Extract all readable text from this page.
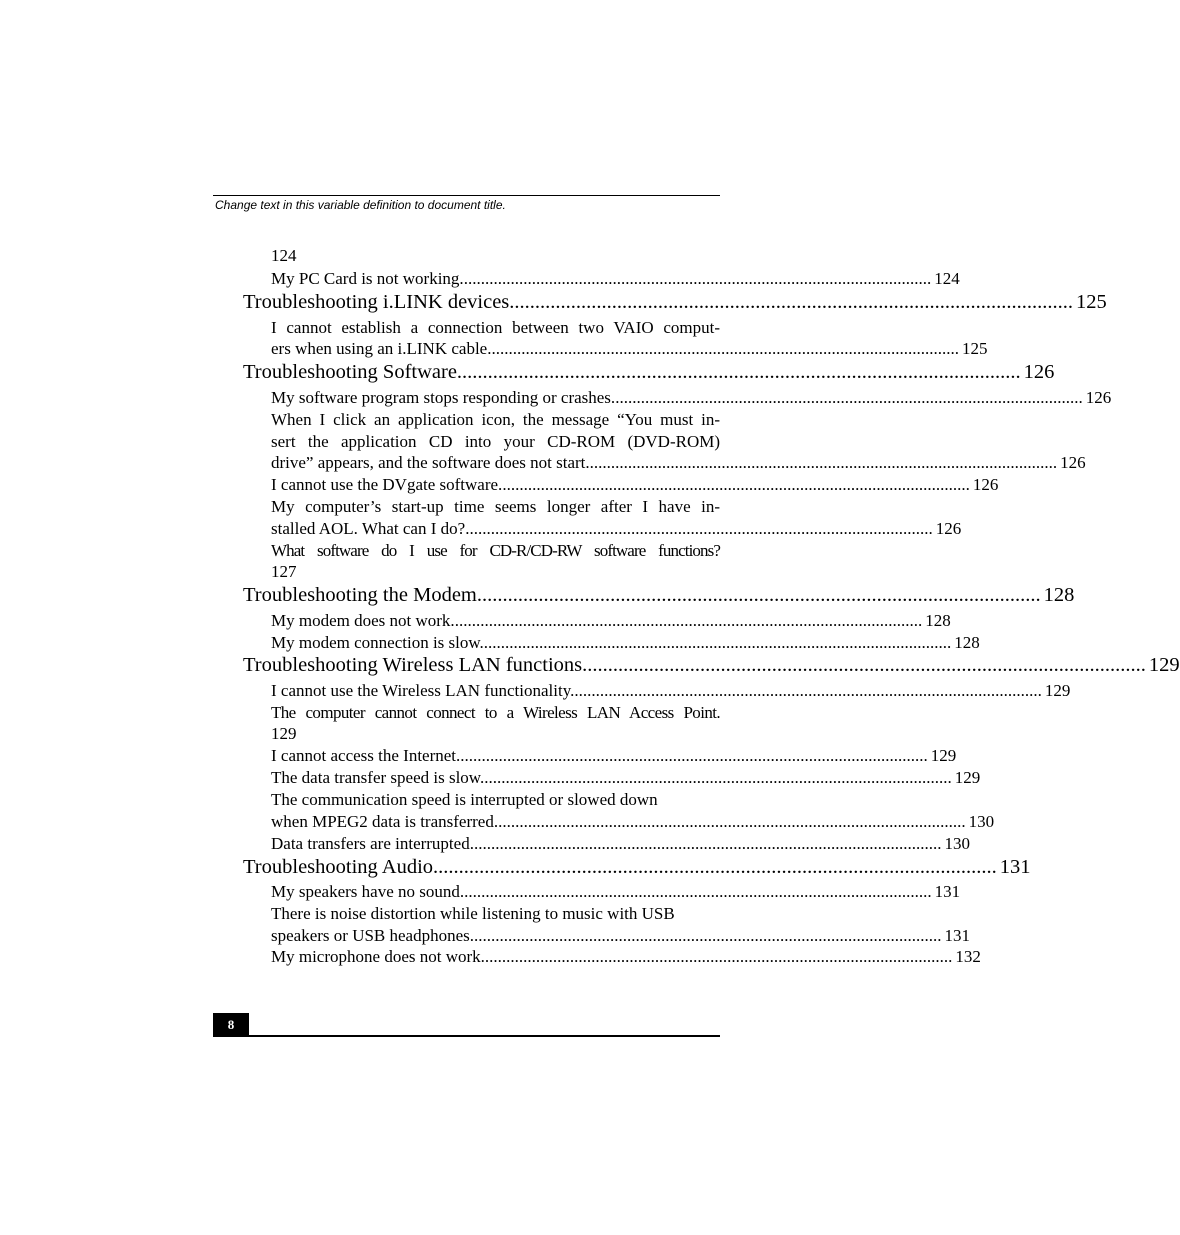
Change text in this variable definition to document title.
124
My PC Card is not working. .............................................................................................................. 124
Troubleshooting i.LINK devices .............................................................................................................. 125
I cannot establish a connection between two VAIO comput-
ers when using an i.LINK cable. .............................................................................................................. 125
Troubleshooting Software .............................................................................................................. 126
My software program stops responding or crashes. .............................................................................................................. 126
When I click an application icon, the message “You must in-
sert the application CD into your CD-ROM (DVD-ROM)
drive” appears, and the software does not start. .............................................................................................................. 126
I cannot use the DVgate software. .............................................................................................................. 126
My computer’s start-up time seems longer after I have in-
stalled AOL. What can I do? .............................................................................................................. 126
What software do I use for CD-R/CD-RW software functions?
127
Troubleshooting the Modem .............................................................................................................. 128
My modem does not work. .............................................................................................................. 128
My modem connection is slow. .............................................................................................................. 128
Troubleshooting Wireless LAN functions .............................................................................................................. 129
I cannot use the Wireless LAN functionality. .............................................................................................................. 129
The computer cannot connect to a Wireless LAN Access Point.
129
I cannot access the Internet. .............................................................................................................. 129
The data transfer speed is slow. .............................................................................................................. 129
The communication speed is interrupted or slowed down
when MPEG2 data is transferred. .............................................................................................................. 130
Data transfers are interrupted. .............................................................................................................. 130
Troubleshooting Audio .............................................................................................................. 131
My speakers have no sound. .............................................................................................................. 131
There is noise distortion while listening to music with USB
speakers or USB headphones. .............................................................................................................. 131
My microphone does not work. .............................................................................................................. 132
8
